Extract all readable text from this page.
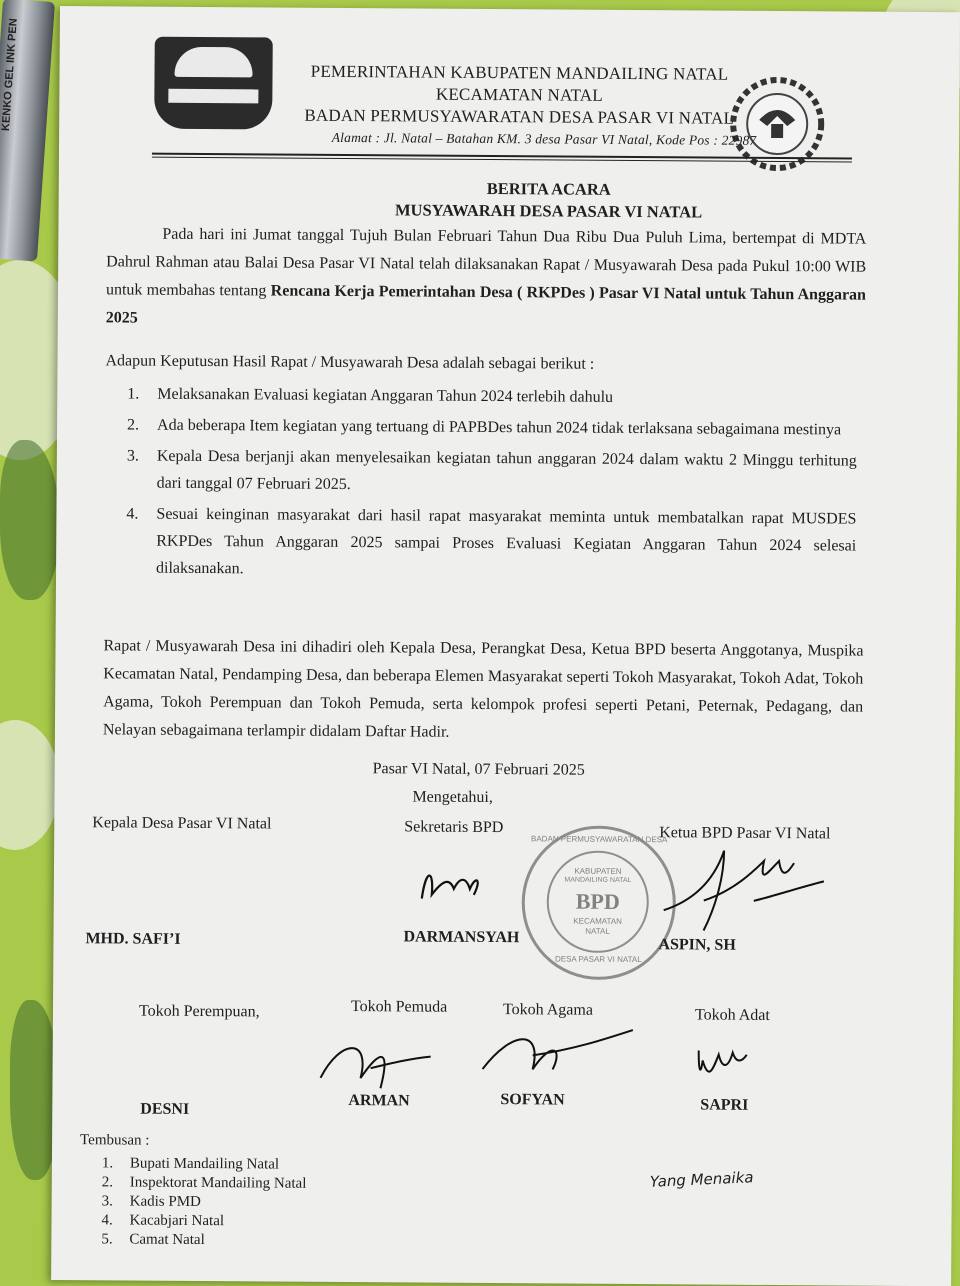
KENKO GEL INK PEN	PEMERINTAHAN KABUPATEN MANDAILING NATAL
KECAMATAN NATAL
BADAN PERMUSYAWARATAN DESA PASAR VI NATAL
Alamat : Jl. Natal – Batahan KM. 3 desa Pasar VI Natal, Kode Pos : 22987
BERITA ACARA
MUSYAWARAH DESA PASAR VI NATAL
Pada hari ini Jumat tanggal Tujuh Bulan Februari Tahun Dua Ribu Dua Puluh Lima, bertempat di MDTA Dahrul Rahman atau Balai Desa Pasar VI Natal telah dilaksanakan Rapat / Musyawarah Desa pada Pukul 10:00 WIB untuk membahas tentang Rencana Kerja Pemerintahan Desa ( RKPDes ) Pasar VI Natal untuk Tahun Anggaran 2025
Adapun Keputusan Hasil Rapat / Musyawarah Desa adalah sebagai berikut :
1.	Melaksanakan Evaluasi kegiatan Anggaran Tahun 2024 terlebih dahulu
2.	Ada beberapa Item kegiatan yang tertuang di PAPBDes tahun 2024 tidak terlaksana sebagaimana mestinya
3.	Kepala Desa berjanji akan menyelesaikan kegiatan tahun anggaran 2024 dalam waktu 2 Minggu terhitung dari tanggal 07 Februari 2025.
4.	Sesuai keinginan masyarakat dari hasil rapat masyarakat meminta untuk membatalkan rapat MUSDES RKPDes Tahun Anggaran 2025 sampai Proses Evaluasi Kegiatan Anggaran Tahun 2024 selesai dilaksanakan.
Rapat / Musyawarah Desa ini dihadiri oleh Kepala Desa, Perangkat Desa, Ketua BPD beserta Anggotanya, Muspika Kecamatan Natal, Pendamping Desa, dan beberapa Elemen Masyarakat seperti Tokoh Masyarakat, Tokoh Adat, Tokoh Agama, Tokoh Perempuan dan Tokoh Pemuda, serta kelompok profesi seperti Petani, Peternak, Pedagang, dan Nelayan sebagaimana terlampir didalam Daftar Hadir.
Pasar VI Natal, 07 Februari 2025
Mengetahui,
Kepala Desa Pasar VI Natal	Sekretaris BPD	Ketua BPD Pasar VI Natal
KABUPATEN
MANDAILING NATAL
BPD
KECAMATAN
NATAL
BADAN PERMUSYAWARATAN DESA
DESA PASAR VI NATAL
MHD. SAFI’I	DARMANSYAH	ASPIN, SH
Tokoh Perempuan,	Tokoh Pemuda	Tokoh Agama	Tokoh Adat
DESNI	ARMAN	SOFYAN	SAPRI
Tembusan :
1. Bupati Mandailing Natal
2. Inspektorat Mandailing Natal
3. Kadis PMD
4. Kacabjari Natal
5. Camat Natal
Yang Menaika
